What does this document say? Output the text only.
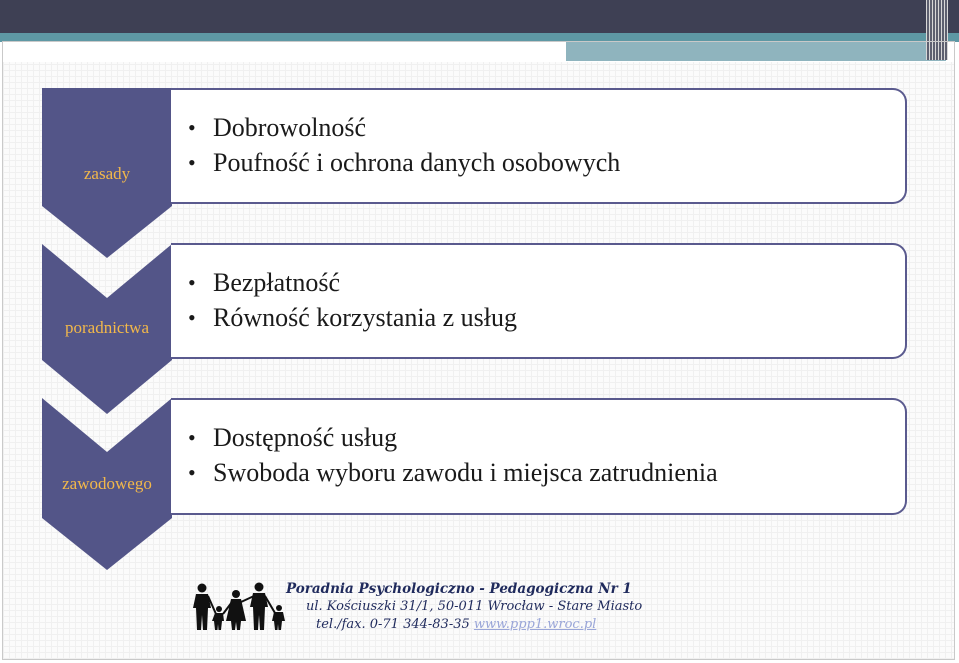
zasady
poradnictwa
zawodowego
• Dobrowolność
• Poufność i ochrona danych osobowych
• Bezpłatność
• Równość korzystania z usług
• Dostępność usług
• Swoboda wyboru zawodu i miejsca zatrudnienia
Poradnia Psychologiczno - Pedagogiczna Nr 1
ul. Kościuszki 31/1, 50-011 Wrocław - Stare Miasto
tel./fax. 0-71 344-83-35 www.ppp1.wroc.pl
